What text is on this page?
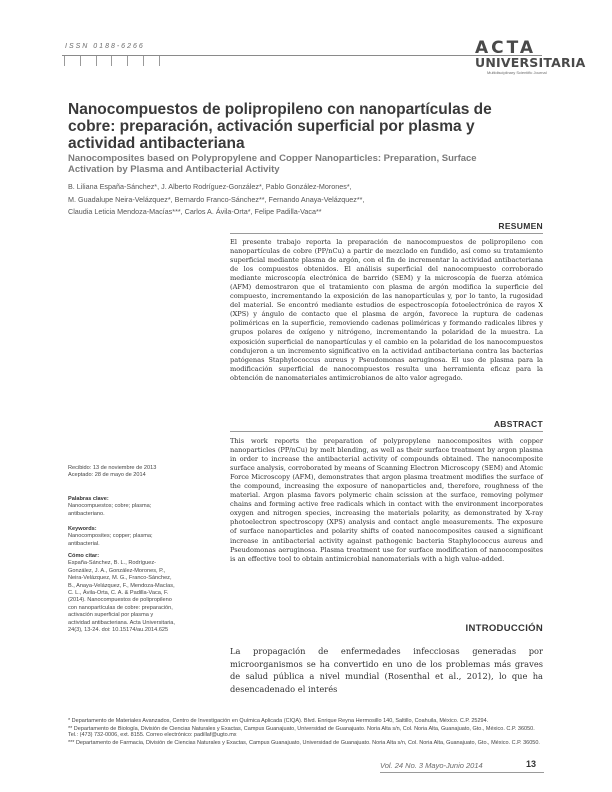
ISSN 0188-6266	ACTA
UNIVERSITARIA
Multidisciplinary Scientific Journal
Nanocompuestos de polipropileno con nanopartículas de cobre: preparación, activación superficial por plasma y actividad antibacteriana
Nanocomposites based on Polypropylene and Copper Nanoparticles: Preparation, Surface Activation by Plasma and Antibacterial Activity
B. Liliana España-Sánchez*, J. Alberto Rodríguez-González*, Pablo González-Morones*,
M. Guadalupe Neira-Velázquez*, Bernardo Franco-Sánchez**, Fernando Anaya-Velázquez**,
Claudia Leticia Mendoza-Macías***, Carlos A. Ávila-Orta*, Felipe Padilla-Vaca**
RESUMEN
El presente trabajo reporta la preparación de nanocompuestos de polipropileno con nanopartículas de cobre (PP/nCu) a partir de mezclado en fundido, así como su tratamiento superficial mediante plasma de argón, con el fin de incrementar la actividad antibacteriana de los compuestos obtenidos. El análisis superficial del nanocompuesto corroborado mediante microscopía electrónica de barrido (SEM) y la microscopía de fuerza atómica (AFM) demostraron que el tratamiento con plasma de argón modifica la superficie del compuesto, incrementando la exposición de las nanopartículas y, por lo tanto, la rugosidad del material. Se encontró mediante estudios de espectroscopía fotoelectrónica de rayos X (XPS) y ángulo de contacto que el plasma de argón, favorece la ruptura de cadenas poliméricas en la superficie, removiendo cadenas poliméricas y formando radicales libres y grupos polares de oxígeno y nitrógeno, incrementando la polaridad de la muestra. La exposición superficial de nanopartículas y el cambio en la polaridad de los nanocompuestos condujeron a un incremento significativo en la actividad antibacteriana contra las bacterias patógenas Staphylococcus aureus y Pseudomonas aeruginosa. El uso de plasma para la modificación superficial de nanocompuestos resulta una herramienta eficaz para la obtención de nanomateriales antimicrobianos de alto valor agregado.
ABSTRACT
This work reports the preparation of polypropylene nanocomposites with copper nanoparticles (PP/nCu) by melt blending, as well as their surface treatment by argon plasma in order to increase the antibacterial activity of compounds obtained. The nanocomposite surface analysis, corroborated by means of Scanning Electron Microscopy (SEM) and Atomic Force Microscopy (AFM), demonstrates that argon plasma treatment modifies the surface of the compound, increasing the exposure of nanoparticles and, therefore, roughness of the material. Argon plasma favors polymeric chain scission at the surface, removing polymer chains and forming active free radicals which in contact with the environment incorporates oxygen and nitrogen species, increasing the materials polarity, as demonstrated by X-ray photoelectron spectroscopy (XPS) analysis and contact angle measurements. The exposure of surface nanoparticles and polarity shifts of coated nanocomposites caused a significant increase in antibacterial activity against pathogenic bacteria Staphylococcus aureus and Pseudomonas aeruginosa. Plasma treatment use for surface modification of nanocomposites is an effective tool to obtain antimicrobial nanomaterials with a high value-added.
INTRODUCCIÓN
La propagación de enfermedades infecciosas generadas por microorganismos se ha convertido en uno de los problemas más graves de salud pública a nivel mundial (Rosenthal et al., 2012), lo que ha desencadenado el interés
Recibido: 13 de noviembre de 2013
Aceptado: 28 de mayo de 2014
Palabras clave:
Nanocompuestos; cobre; plasma; antibacteriano.
Keywords:
Nanocomposites; copper; plasma; antibacterial.
Cómo citar:
España-Sánchez, B. L., Rodríguez-González, J. A., González-Morones, P., Neira-Velázquez, M. G., Franco-Sánchez, B., Anaya-Velázquez, F., Mendoza-Macías, C. L., Ávila-Orta, C. A. & Padilla-Vaca, F. (2014). Nanocompuestos de polipropileno con nanopartículas de cobre: preparación, activación superficial por plasma y actividad antibacteriana. Acta Universitaria, 24(3), 13-24. doi: 10.15174/au.2014.625
* Departamento de Materiales Avanzados, Centro de Investigación en Química Aplicada (CIQA). Blvd. Enrique Reyna Hermosillo 140, Saltillo, Coahuila, México. C.P. 25294.
** Departamento de Biología, División de Ciencias Naturales y Exactas, Campus Guanajuato, Universidad de Guanajuato. Noria Alta s/n, Col. Noria Alta, Guanajuato, Gto., México. C.P. 36050. Tel.: (473) 732-0006, ext. 8155. Correo electrónico: padillaf@ugto.mx
*** Departamento de Farmacia, División de Ciencias Naturales y Exactas, Campus Guanajuato, Universidad de Guanajuato. Noria Alta s/n, Col. Noria Alta, Guanajuato, Gto., México. C.P. 36050.
Vol. 24 No. 3 Mayo-Junio 2014	13
